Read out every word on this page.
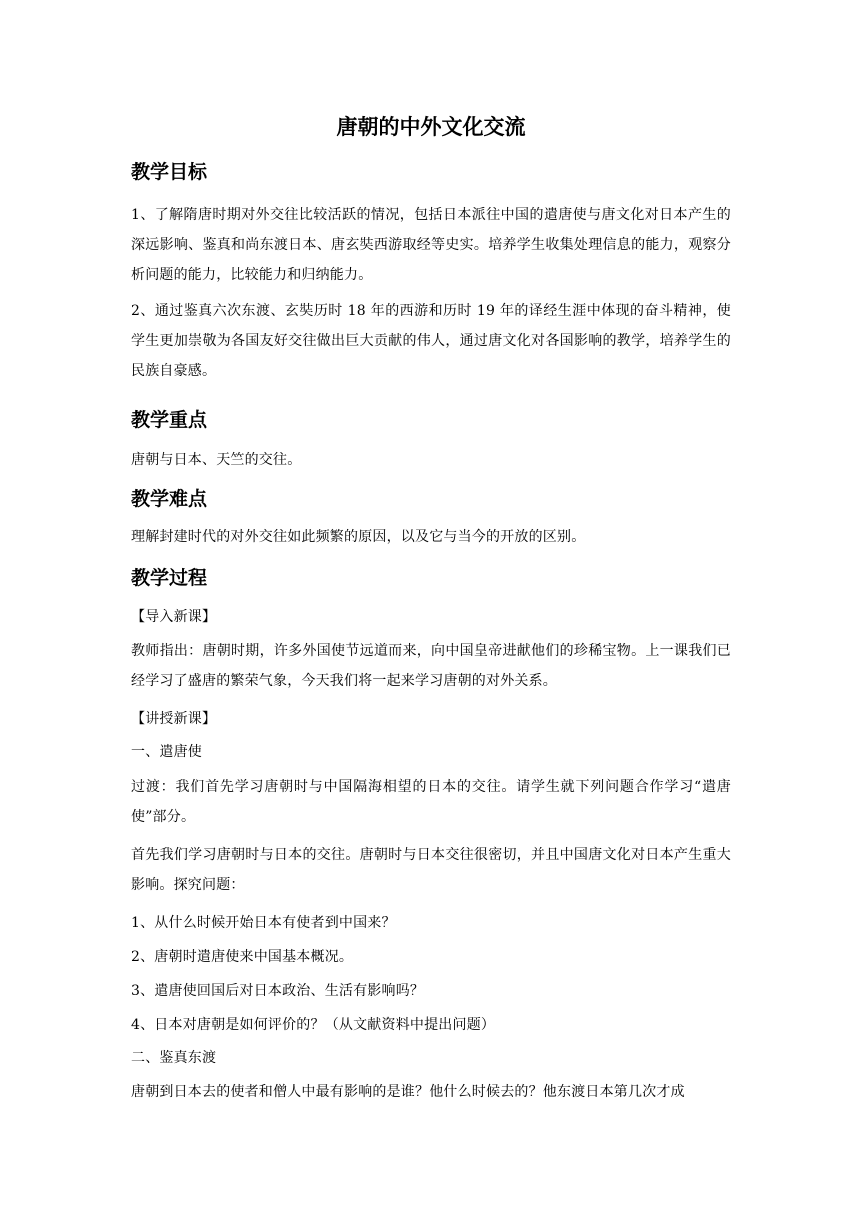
唐朝的中外文化交流
教学目标

1、了解隋唐时期对外交往比较活跃的情况，包括日本派往中国的遣唐使与唐文化对日本产生的深远影响、鉴真和尚东渡日本、唐玄奘西游取经等史实。培养学生收集处理信息的能力，观察分析问题的能力，比较能力和归纳能力。

2、通过鉴真六次东渡、玄奘历时 18 年的西游和历时 19 年的译经生涯中体现的奋斗精神，使学生更加崇敬为各国友好交往做出巨大贡献的伟人，通过唐文化对各国影响的教学，培养学生的民族自豪感。

教学重点

唐朝与日本、天竺的交往。

教学难点

理解封建时代的对外交往如此频繁的原因，以及它与当今的开放的区别。

教学过程

【导入新课】

教师指出：唐朝时期，许多外国使节远道而来，向中国皇帝进献他们的珍稀宝物。上一课我们已经学习了盛唐的繁荣气象，今天我们将一起来学习唐朝的对外关系。

【讲授新课】

一、遣唐使

过渡：我们首先学习唐朝时与中国隔海相望的日本的交往。请学生就下列问题合作学习“遣唐使”部分。

首先我们学习唐朝时与日本的交往。唐朝时与日本交往很密切，并且中国唐文化对日本产生重大影响。探究问题：

1、从什么时候开始日本有使者到中国来？

2、唐朝时遣唐使来中国基本概况。

3、遣唐使回国后对日本政治、生活有影响吗？

4、日本对唐朝是如何评价的？（从文献资料中提出问题）

二、鉴真东渡

唐朝到日本去的使者和僧人中最有影响的是谁？他什么时候去的？他东渡日本第几次才成
